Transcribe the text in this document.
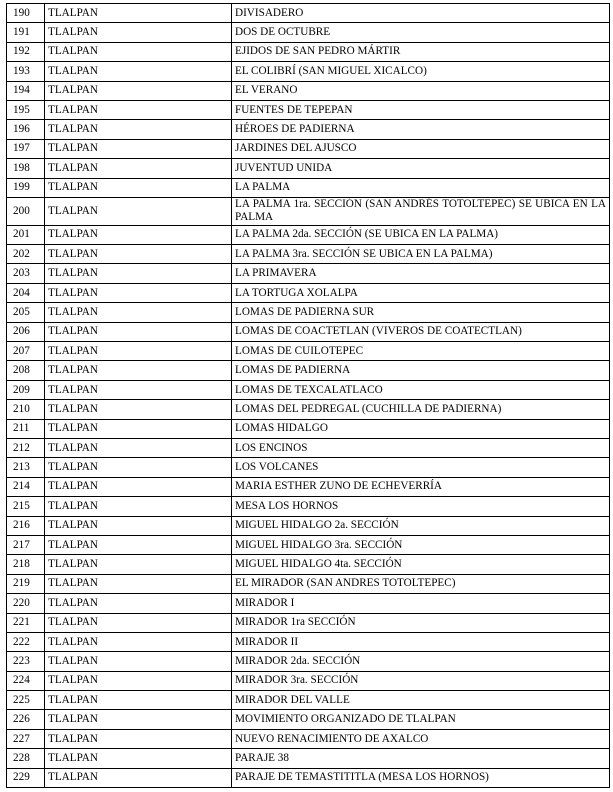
190	TLALPAN	DIVISADERO
191	TLALPAN	DOS DE OCTUBRE
192	TLALPAN	EJIDOS DE SAN PEDRO MÁRTIR
193	TLALPAN	EL COLIBRÍ (SAN MIGUEL XICALCO)
194	TLALPAN	EL VERANO
195	TLALPAN	FUENTES DE TEPEPAN
196	TLALPAN	HÉROES DE PADIERNA
197	TLALPAN	JARDINES DEL AJUSCO
198	TLALPAN	JUVENTUD UNIDA
199	TLALPAN	LA PALMA
200	TLALPAN	LA PALMA 1ra. SECCIÓN (SAN ANDRÉS TOTOLTEPEC) SE UBICA EN LA PALMA
201	TLALPAN	LA PALMA 2da. SECCIÓN (SE UBICA EN LA PALMA)
202	TLALPAN	LA PALMA 3ra. SECCIÓN SE UBICA EN LA PALMA)
203	TLALPAN	LA PRIMAVERA
204	TLALPAN	LA TORTUGA XOLALPA
205	TLALPAN	LOMAS DE PADIERNA SUR
206	TLALPAN	LOMAS DE COACTETLAN (VIVEROS DE COATECTLAN)
207	TLALPAN	LOMAS DE CUILOTEPEC
208	TLALPAN	LOMAS DE PADIERNA
209	TLALPAN	LOMAS DE TEXCALATLACO
210	TLALPAN	LOMAS DEL PEDREGAL (CUCHILLA DE PADIERNA)
211	TLALPAN	LOMAS HIDALGO
212	TLALPAN	LOS ENCINOS
213	TLALPAN	LOS VOLCANES
214	TLALPAN	MARIA ESTHER ZUNO DE ECHEVERRÍA
215	TLALPAN	MESA LOS HORNOS
216	TLALPAN	MIGUEL HIDALGO 2a. SECCIÓN
217	TLALPAN	MIGUEL HIDALGO 3ra. SECCIÓN
218	TLALPAN	MIGUEL HIDALGO 4ta. SECCIÓN
219	TLALPAN	EL MIRADOR (SAN ANDRES TOTOLTEPEC)
220	TLALPAN	MIRADOR I
221	TLALPAN	MIRADOR 1ra SECCIÓN
222	TLALPAN	MIRADOR II
223	TLALPAN	MIRADOR 2da. SECCIÓN
224	TLALPAN	MIRADOR 3ra. SECCIÓN
225	TLALPAN	MIRADOR DEL VALLE
226	TLALPAN	MOVIMIENTO ORGANIZADO DE TLALPAN
227	TLALPAN	NUEVO RENACIMIENTO DE AXALCO
228	TLALPAN	PARAJE 38
229	TLALPAN	PARAJE DE TEMASTITITLA (MESA LOS HORNOS)
